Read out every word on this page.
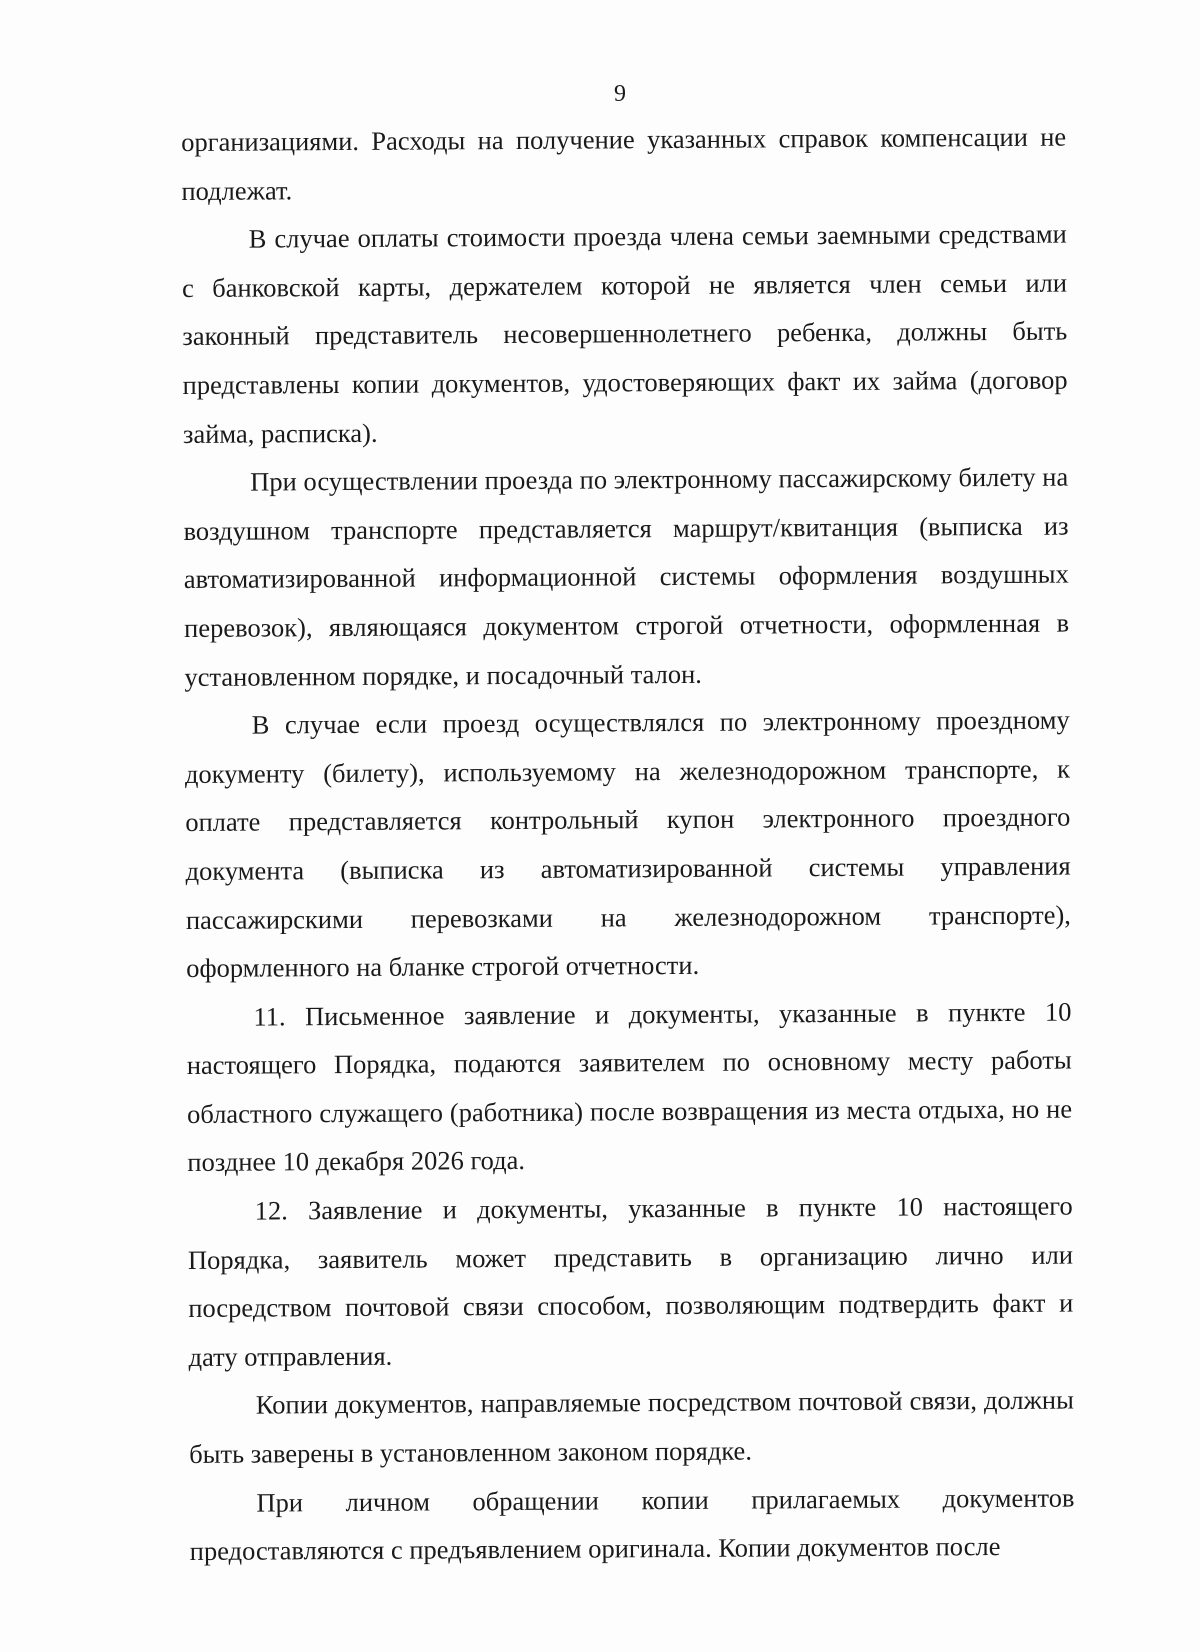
9

организациями. Расходы на получение указанных справок компенсации не подлежат.

В случае оплаты стоимости проезда члена семьи заемными средствами с банковской карты, держателем которой не является член семьи или законный представитель несовершеннолетнего ребенка, должны быть представлены копии документов, удостоверяющих факт их займа (договор займа, расписка).

При осуществлении проезда по электронному пассажирскому билету на воздушном транспорте представляется маршрут/квитанция (выписка из автоматизированной информационной системы оформления воздушных перевозок), являющаяся документом строгой отчетности, оформленная в установленном порядке, и посадочный талон.

В случае если проезд осуществлялся по электронному проездному документу (билету), используемому на железнодорожном транспорте, к оплате представляется контрольный купон электронного проездного документа (выписка из автоматизированной системы управления пассажирскими перевозками на железнодорожном транспорте), оформленного на бланке строгой отчетности.

11. Письменное заявление и документы, указанные в пункте 10 настоящего Порядка, подаются заявителем по основному месту работы областного служащего (работника) после возвращения из места отдыха, но не позднее 10 декабря 2026 года.

12. Заявление и документы, указанные в пункте 10 настоящего Порядка, заявитель может представить в организацию лично или посредством почтовой связи способом, позволяющим подтвердить факт и дату отправления.

Копии документов, направляемые посредством почтовой связи, должны быть заверены в установленном законом порядке.

При личном обращении копии прилагаемых документов предоставляются с предъявлением оригинала. Копии документов после
